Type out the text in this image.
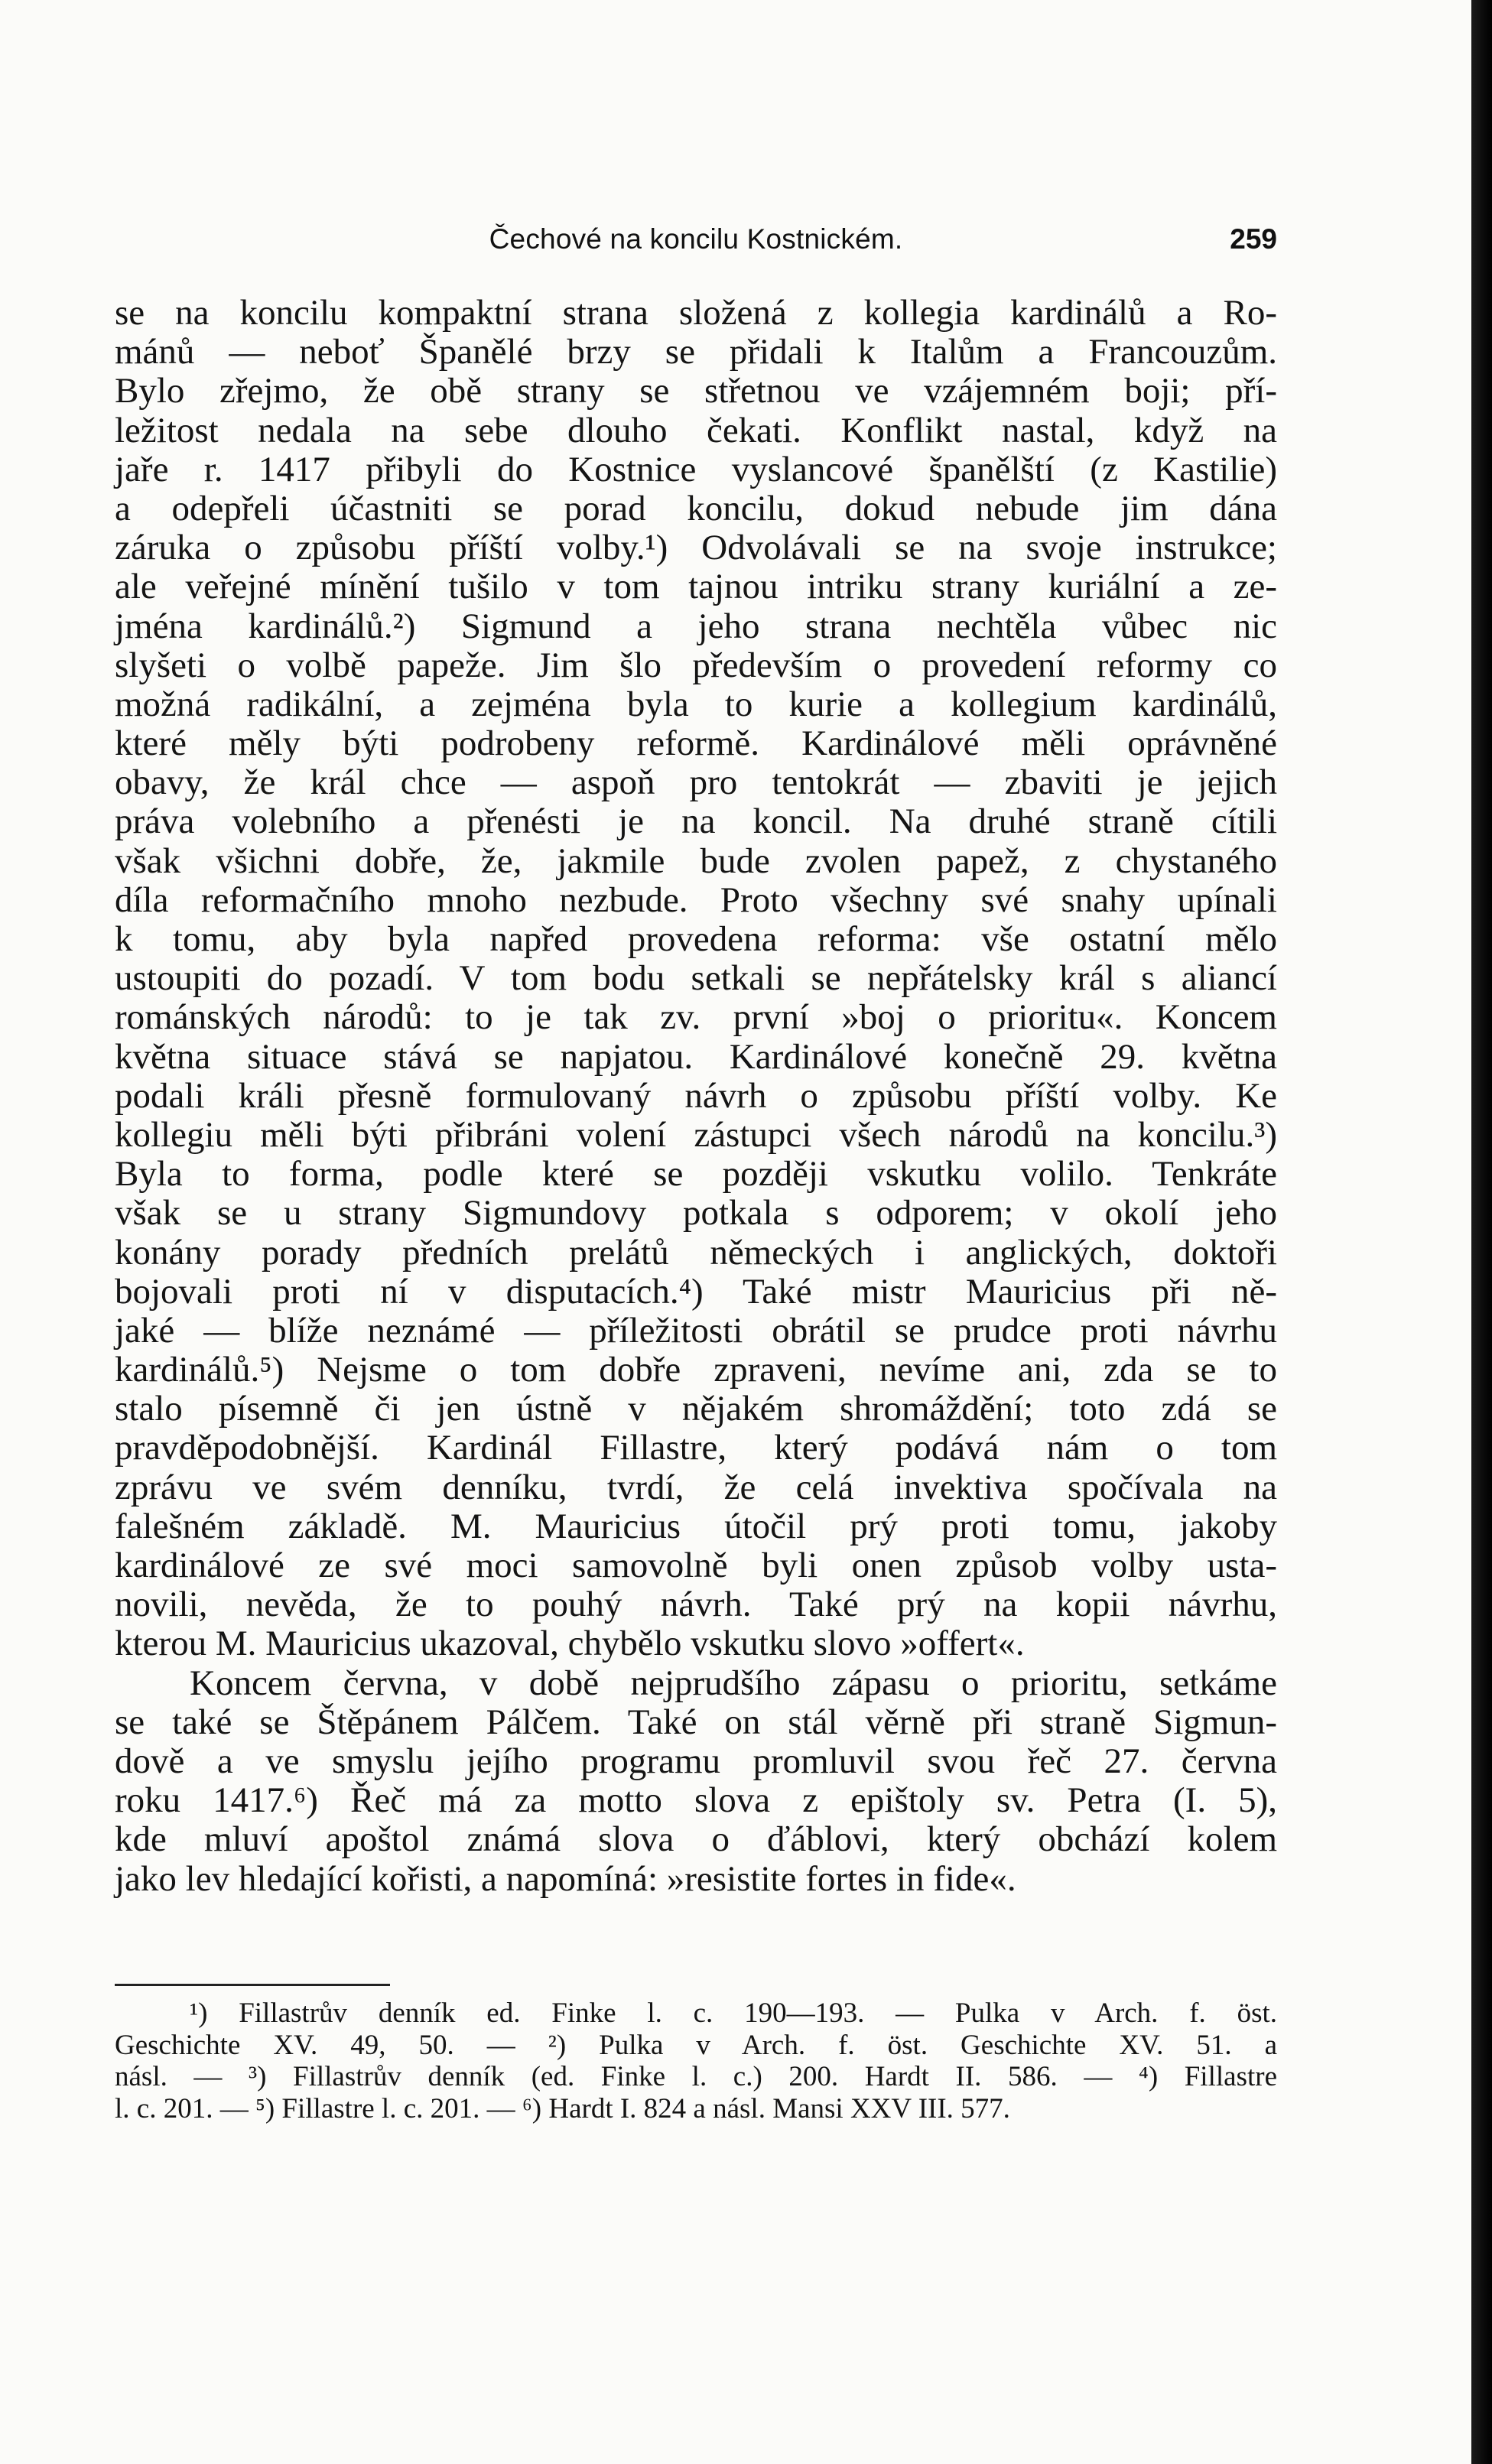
Čechové na koncilu Kostnickém.	259
se na koncilu kompaktní strana složená z kollegia kardinálů a Ro-
mánů — neboť Španělé brzy se přidali k Italům a Francouzům.
Bylo zřejmo, že obě strany se střetnou ve vzájemném boji; pří-
ležitost nedala na sebe dlouho čekati. Konflikt nastal, když na
jaře r. 1417 přibyli do Kostnice vyslancové španělští (z Kastilie)
a odepřeli účastniti se porad koncilu, dokud nebude jim dána
záruka o způsobu příští volby.¹) Odvolávali se na svoje instrukce;
ale veřejné mínění tušilo v tom tajnou intriku strany kuriální a ze-
jména kardinálů.²) Sigmund a jeho strana nechtěla vůbec nic
slyšeti o volbě papeže. Jim šlo především o provedení reformy co
možná radikální, a zejména byla to kurie a kollegium kardinálů,
které měly býti podrobeny reformě. Kardinálové měli oprávněné
obavy, že král chce — aspoň pro tentokrát — zbaviti je jejich
práva volebního a přenésti je na koncil. Na druhé straně cítili
však všichni dobře, že, jakmile bude zvolen papež, z chystaného
díla reformačního mnoho nezbude. Proto všechny své snahy upínali
k tomu, aby byla napřed provedena reforma: vše ostatní mělo
ustoupiti do pozadí. V tom bodu setkali se nepřátelsky král s aliancí
románských národů: to je tak zv. první »boj o prioritu«. Koncem
května situace stává se napjatou. Kardinálové konečně 29. května
podali králi přesně formulovaný návrh o způsobu příští volby. Ke
kollegiu měli býti přibráni volení zástupci všech národů na koncilu.³)
Byla to forma, podle které se později vskutku volilo. Tenkráte
však se u strany Sigmundovy potkala s odporem; v okolí jeho
konány porady předních prelátů německých i anglických, doktoři
bojovali proti ní v disputacích.⁴) Také mistr Mauricius při ně-
jaké — blíže neznámé — příležitosti obrátil se prudce proti návrhu
kardinálů.⁵) Nejsme o tom dobře zpraveni, nevíme ani, zda se to
stalo písemně či jen ústně v nějakém shromáždění; toto zdá se
pravděpodobnější. Kardinál Fillastre, který podává nám o tom
zprávu ve svém denníku, tvrdí, že celá invektiva spočívala na
falešném základě. M. Mauricius útočil prý proti tomu, jakoby
kardinálové ze své moci samovolně byli onen způsob volby usta-
novili, nevěda, že to pouhý návrh. Také prý na kopii návrhu,
kterou M. Mauricius ukazoval, chybělo vskutku slovo »offert«.
Koncem června, v době nejprudšího zápasu o prioritu, setkáme
se také se Štěpánem Pálčem. Také on stál věrně při straně Sigmun-
dově a ve smyslu jejího programu promluvil svou řeč 27. června
roku 1417.⁶) Řeč má za motto slova z epištoly sv. Petra (I. 5),
kde mluví apoštol známá slova o ďáblovi, který obchází kolem
jako lev hledající kořisti, a napomíná: »resistite fortes in fide«.
¹) Fillastrův denník ed. Finke l. c. 190—193. — Pulka v Arch. f. öst.
Geschichte XV. 49, 50. — ²) Pulka v Arch. f. öst. Geschichte XV. 51. a
násl. — ³) Fillastrův denník (ed. Finke l. c.) 200. Hardt II. 586. — ⁴) Fillastre
l. c. 201. — ⁵) Fillastre l. c. 201. — ⁶) Hardt I. 824 a násl. Mansi XXV III. 577.
